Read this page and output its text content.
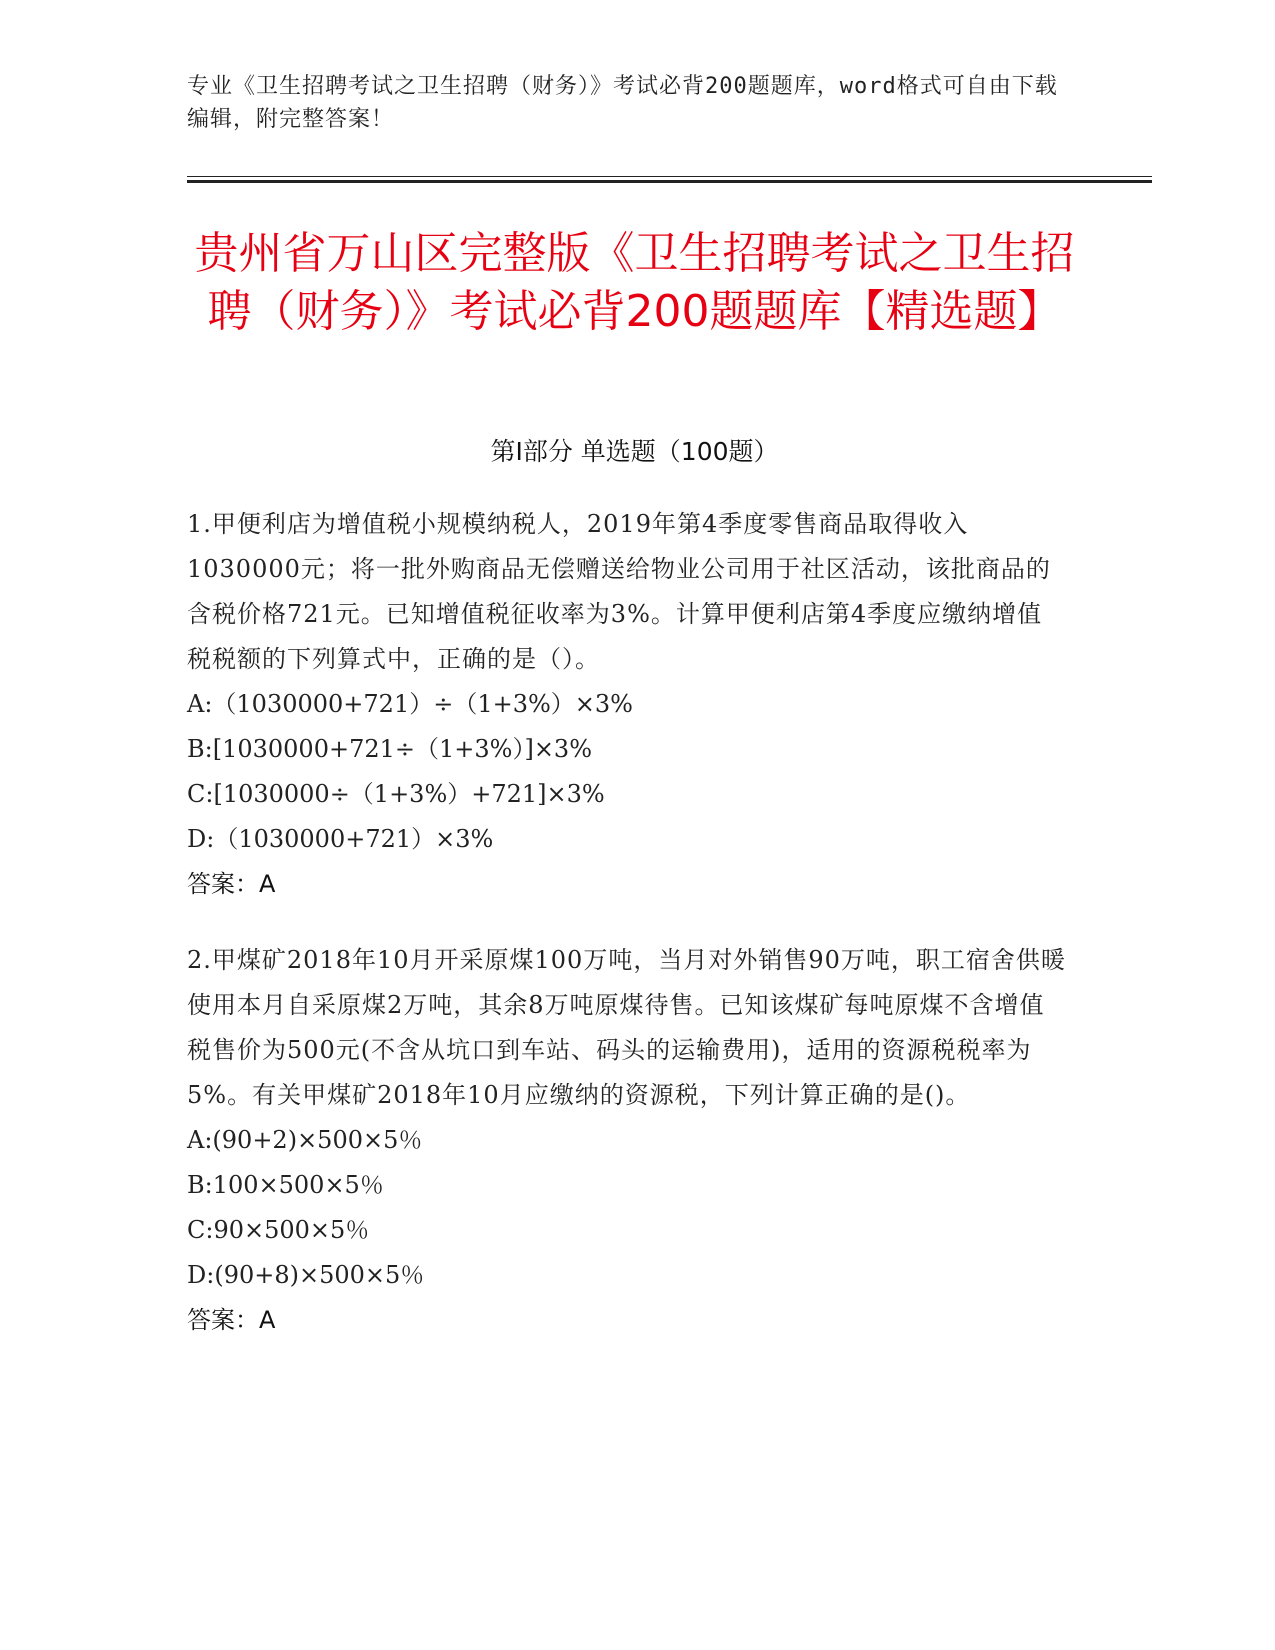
专业《卫生招聘考试之卫生招聘（财务）》考试必背200题题库，word格式可自由下载编辑，附完整答案！
贵州省万山区完整版《卫生招聘考试之卫生招聘（财务）》考试必背200题题库【精选题】
第I部分 单选题（100题）

1.甲便利店为增值税小规模纳税人，2019年第4季度零售商品取得收入1030000元；将一批外购商品无偿赠送给物业公司用于社区活动，该批商品的含税价格721元。已知增值税征收率为3%。计算甲便利店第4季度应缴纳增值税税额的下列算式中，正确的是（）。

A:（1030000+721）÷（1+3%）×3%
B:[1030000+721÷（1+3%）]×3%
C:[1030000÷（1+3%）+721]×3%
D:（1030000+721）×3%
答案：A

2.甲煤矿2018年10月开采原煤100万吨，当月对外销售90万吨，职工宿舍供暖使用本月自采原煤2万吨，其余8万吨原煤待售。已知该煤矿每吨原煤不含增值税售价为500元(不含从坑口到车站、码头的运输费用)，适用的资源税税率为5%。有关甲煤矿2018年10月应缴纳的资源税，下列计算正确的是()。

A:(90+2)×500×5％
B:100×500×5％
C:90×500×5％
D:(90+8)×500×5％
答案：A
